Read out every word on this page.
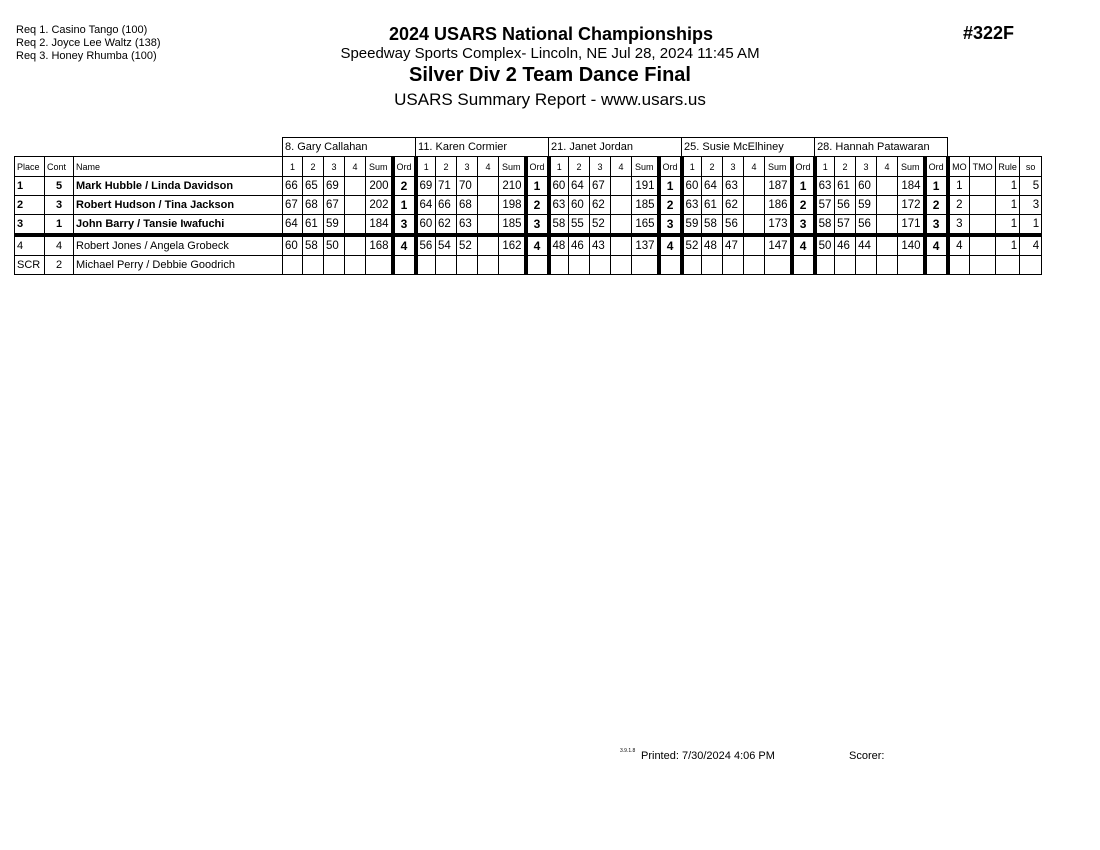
Req 1. Casino Tango (100)
Req 2. Joyce Lee Waltz (138)
Req 3. Honey Rhumba (100)
2024 USARS National Championships
Speedway Sports Complex- Lincoln, NE Jul 28, 2024 11:45 AM
Silver Div 2 Team Dance Final
USARS Summary Report - www.usars.us
#322F
			8. Gary Callahan						11. Karen Cormier						21. Janet Jordan						25. Susie McElhiney						28. Hannah Patawaran									
Place	Cont	Name	1	2	3	4	Sum	Ord	1	2	3	4	Sum	Ord	1	2	3	4	Sum	Ord	1	2	3	4	Sum	Ord	1	2	3	4	Sum	Ord	MO	TMO	Rule	so
1	5	Mark Hubble / Linda Davidson	66	65	69		200	2	69	71	70		210	1	60	64	67		191	1	60	64	63		187	1	63	61	60		184	1	1		1	5
2	3	Robert Hudson / Tina Jackson	67	68	67		202	1	64	66	68		198	2	63	60	62		185	2	63	61	62		186	2	57	56	59		172	2	2		1	3
3	1	John Barry / Tansie Iwafuchi	64	61	59		184	3	60	62	63		185	3	58	55	52		165	3	59	58	56		173	3	58	57	56		171	3	3		1	1
4	4	Robert Jones / Angela Grobeck	60	58	50		168	4	56	54	52		162	4	48	46	43		137	4	52	48	47		147	4	50	46	44		140	4	4		1	4
SCR	2	Michael Perry / Debbie Goodrich																																		
3.9.1.8 Printed: 7/30/2024 4:06 PM	Scorer:
